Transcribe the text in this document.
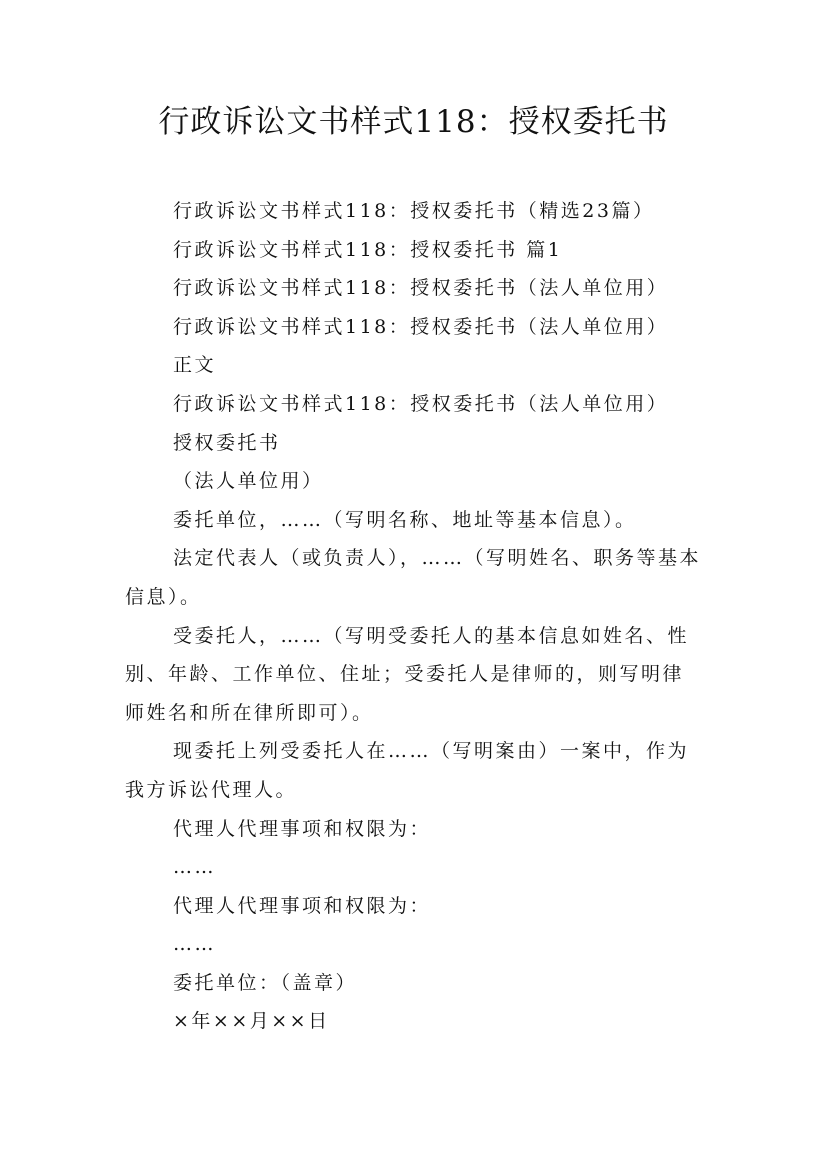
行政诉讼文书样式118：授权委托书

行政诉讼文书样式118：授权委托书（精选23篇）

行政诉讼文书样式118：授权委托书 篇1

行政诉讼文书样式118：授权委托书（法人单位用）

行政诉讼文书样式118：授权委托书（法人单位用）

正文

行政诉讼文书样式118：授权委托书（法人单位用）

授权委托书

（法人单位用）

委托单位，……（写明名称、地址等基本信息）。

法定代表人（或负责人），……（写明姓名、职务等基本信息）。

受委托人，……（写明受委托人的基本信息如姓名、性别、年龄、工作单位、住址；受委托人是律师的，则写明律师姓名和所在律所即可）。

现委托上列受委托人在……（写明案由）一案中，作为我方诉讼代理人。

代理人代理事项和权限为：

……

代理人代理事项和权限为：

……

委托单位：（盖章）

×年××月××日
